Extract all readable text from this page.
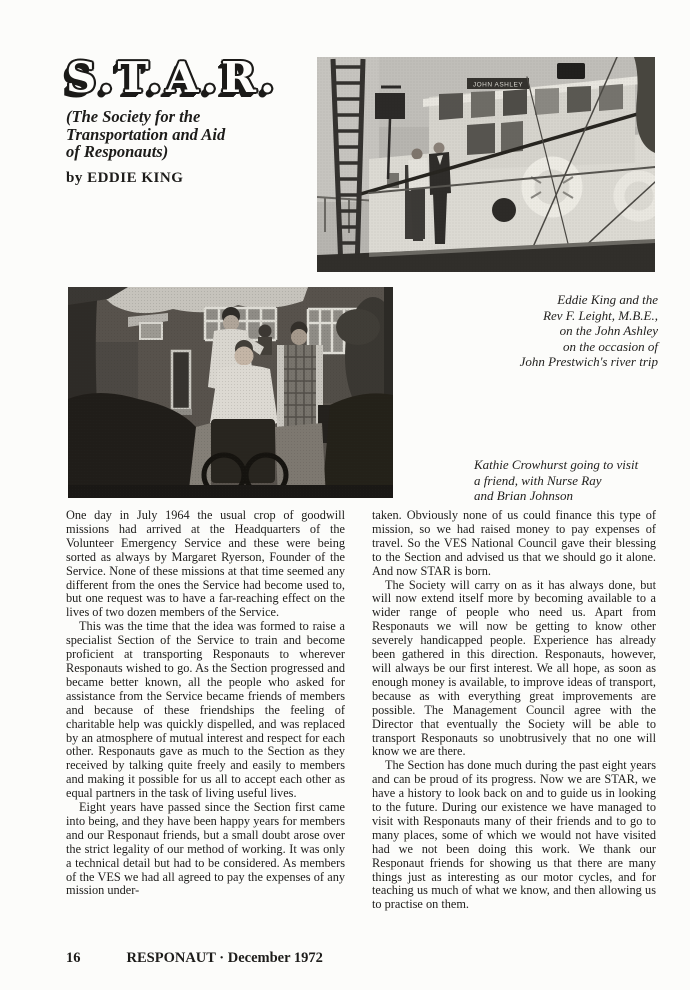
S.T.A.R.
(The Society for the
Transportation and Aid
of Responauts)
by EDDIE KING
Eddie King and the
Rev F. Leight, M.B.E.,
on the John Ashley
on the occasion of
John Prestwich's river trip
Kathie Crowhurst going to visit
a friend, with Nurse Ray
and Brian Johnson

One day in July 1964 the usual crop of goodwill missions had arrived at the Headquarters of the Volunteer Emergency Service and these were being sorted as always by Margaret Ryerson, Founder of the Service. None of these missions at that time seemed any different from the ones the Service had become used to, but one request was to have a far-reaching effect on the lives of two dozen members of the Service.

This was the time that the idea was formed to raise a specialist Section of the Service to train and become proficient at transporting Responauts to wherever Responauts wished to go. As the Section progressed and became better known, all the people who asked for assistance from the Service became friends of members and because of these friendships the feeling of charitable help was quickly dispelled, and was replaced by an atmosphere of mutual interest and respect for each other. Responauts gave as much to the Section as they received by talking quite freely and easily to members and making it possible for us all to accept each other as equal partners in the task of living useful lives.

Eight years have passed since the Section first came into being, and they have been happy years for members and our Responaut friends, but a small doubt arose over the strict legality of our method of working. It was only a technical detail but had to be considered. As members of the VES we had all agreed to pay the expenses of any mission under-

taken. Obviously none of us could finance this type of mission, so we had raised money to pay expenses of travel. So the VES National Council gave their blessing to the Section and advised us that we should go it alone. And now STAR is born.

The Society will carry on as it has always done, but will now extend itself more by becoming available to a wider range of people who need us. Apart from Responauts we will now be getting to know other severely handicapped people. Experience has already been gathered in this direction. Responauts, however, will always be our first interest. We all hope, as soon as enough money is available, to improve ideas of transport, because as with everything great improvements are possible. The Management Council agree with the Director that eventually the Society will be able to transport Responauts so unobtrusively that no one will know we are there.

The Section has done much during the past eight years and can be proud of its progress. Now we are STAR, we have a history to look back on and to guide us in looking to the future. During our existence we have managed to visit with Responauts many of their friends and to go to many places, some of which we would not have visited had we not been doing this work. We thank our Responaut friends for showing us that there are many things just as interesting as our motor cycles, and for teaching us much of what we know, and then allowing us to practise on them.

16	RESPONAUT · December 1972
